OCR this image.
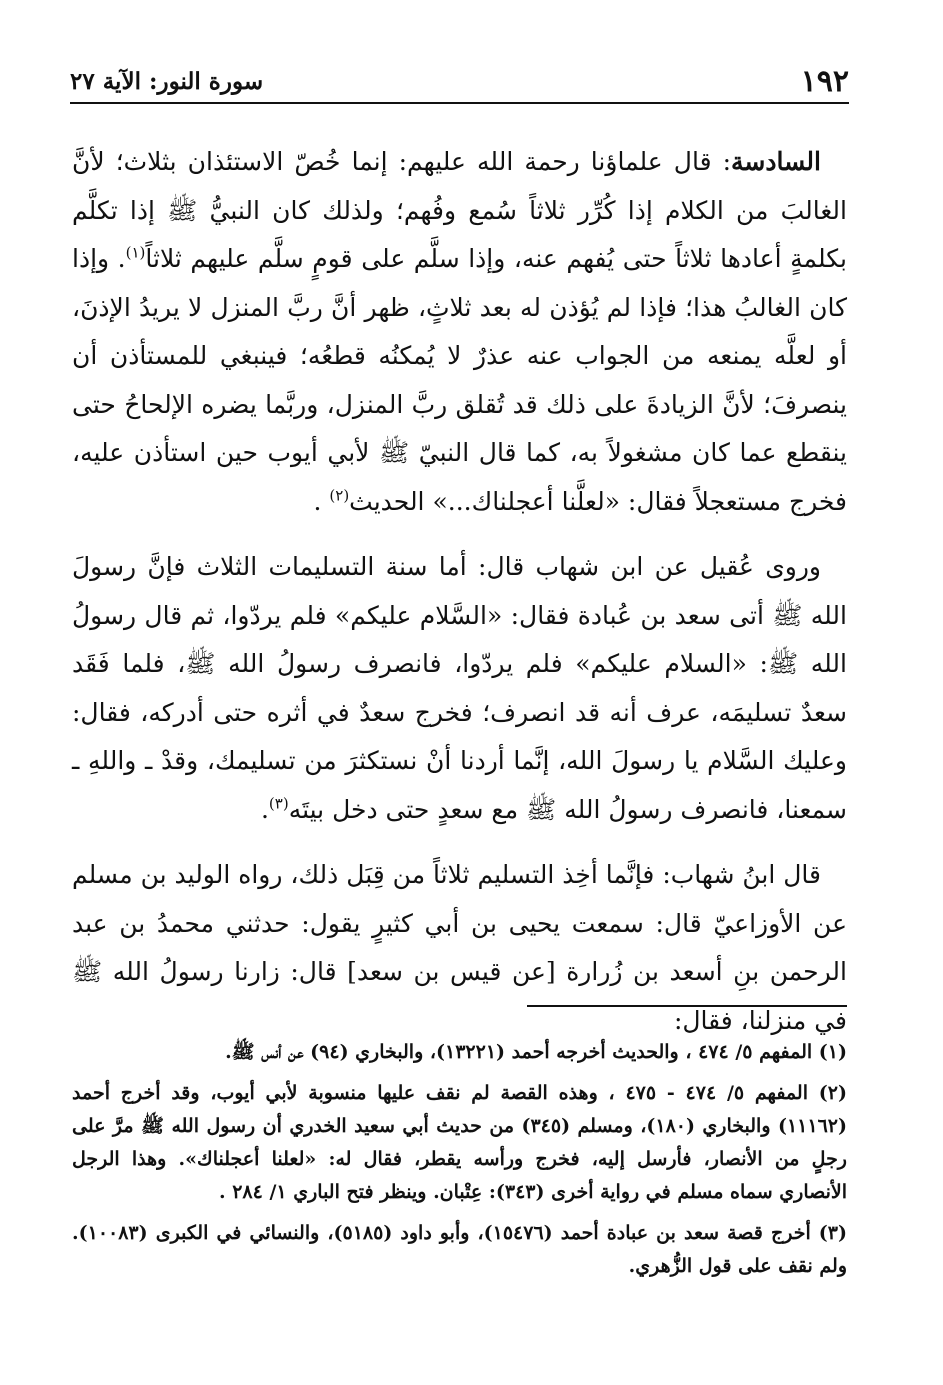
١٩٢
سورة النور: الآية ٢٧

السادسة: قال علماؤنا رحمة الله عليهم: إنما خُصّ الاستئذان بثلاث؛ لأنَّ الغالبَ من الكلام إذا كُرِّر ثلاثاً سُمع وفُهم؛ ولذلك كان النبيُّ ﷺ إذا تكلَّم بكلمةٍ أعادها ثلاثاً حتى يُفهم عنه، وإذا سلَّم على قومٍ سلَّم عليهم ثلاثاً$^{(١)}$. وإذا كان الغالبُ هذا؛ فإذا لم يُؤذن له بعد ثلاثٍ، ظهر أنَّ ربَّ المنزل لا يريدُ الإذنَ، أو لعلَّه يمنعه من الجواب عنه عذرٌ لا يُمكنُه قطعُه؛ فينبغي للمستأذن أن ينصرفَ؛ لأنَّ الزيادةَ على ذلك قد تُقلق ربَّ المنزل، وربَّما يضره الإلحاحُ حتى ينقطع عما كان مشغولاً به، كما قال النبيّ ﷺ لأبي أيوب حين استأذن عليه، فخرج مستعجلاً فقال: «لعلَّنا أعجلناك...» الحديث$^{(٢)}$ .

وروى عُقيل عن ابن شهاب قال: أما سنة التسليمات الثلاث فإنَّ رسولَ الله ﷺ أتى سعد بن عُبادة فقال: «السَّلام عليكم» فلم يردّوا، ثم قال رسولُ الله ﷺ: «السلام عليكم» فلم يردّوا، فانصرف رسولُ الله ﷺ، فلما فَقَد سعدٌ تسليمَه، عرف أنه قد انصرف؛ فخرج سعدٌ في أثره حتى أدركه، فقال: وعليك السَّلام يا رسولَ الله، إنَّما أردنا أنْ نستكثرَ من تسليمك، وقدْ ـ واللهِ ـ سمعنا، فانصرف رسولُ الله ﷺ مع سعدٍ حتى دخل بيتَه$^{(٣)}$.

قال ابنُ شهاب: فإنَّما أخِذ التسليم ثلاثاً من قِبَل ذلك، رواه الوليد بن مسلم عن الأوزاعيّ قال: سمعت يحيى بن أبي كثيرٍ يقول: حدثني محمدُ بن عبد الرحمن بنِ أسعد بن زُرارة [عن قيس بن سعد] قال: زارنا رسولُ الله ﷺ في منزلنا، فقال:

(١) المفهم ٥/ ٤٧٤ ، والحديث أخرجه أحمد (١٣٢٢١)، والبخاري (٩٤) عن أنس ﷺ.

(٢) المفهم ٥/ ٤٧٤ - ٤٧٥ ، وهذه القصة لم نقف عليها منسوبة لأبي أيوب، وقد أخرج أحمد (١١١٦٢) والبخاري (١٨٠)، ومسلم (٣٤٥) من حديث أبي سعيد الخدري أن رسول الله ﷺ مرَّ على رجلٍ من الأنصار، فأرسل إليه، فخرج ورأسه يقطر، فقال له: «لعلنا أعجلناك». وهذا الرجل الأنصاري سماه مسلم في رواية أخرى (٣٤٣): عِتْبان. وينظر فتح الباري ١/ ٢٨٤ .

(٣) أخرج قصة سعد بن عبادة أحمد (١٥٤٧٦)، وأبو داود (٥١٨٥)، والنسائي في الكبرى (١٠٠٨٣). ولم نقف على قول الزُّهري.
